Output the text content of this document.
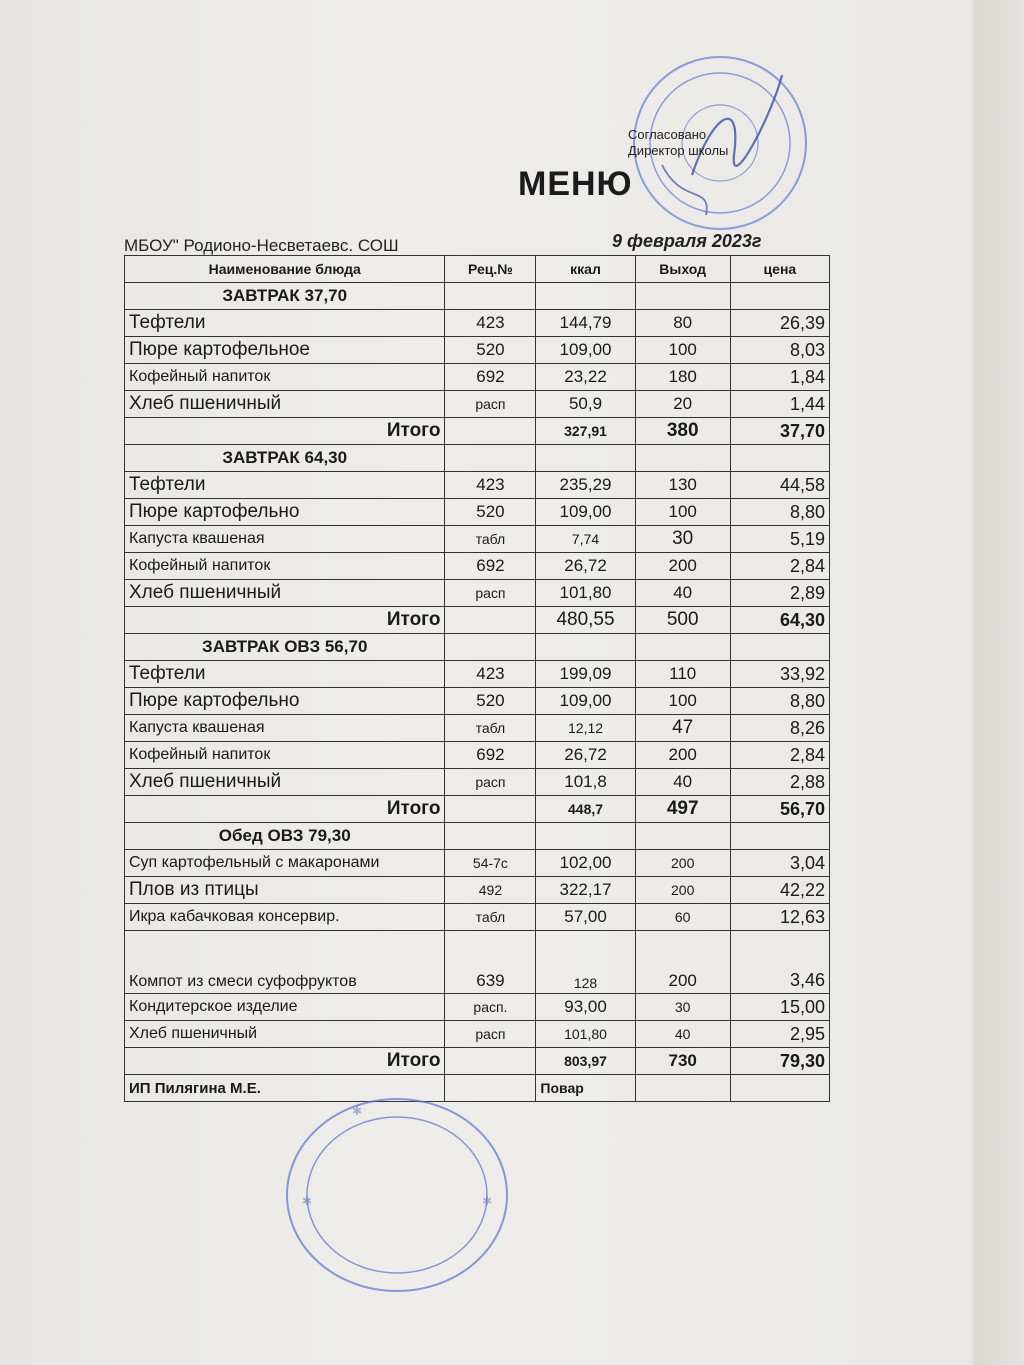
Согласовано
Директор школы
МЕНЮ
МБОУ" Родионо-Несветаевс. СОШ	9 февраля 2023г
Наименование блюда	Рец.№	ккал	Выход	цена
ЗАВТРАК 37,70				
Тефтели	423	144,79	80	26,39
Пюре картофельное	520	109,00	100	8,03
Кофейный напиток	692	23,22	180	1,84
Хлеб пшеничный	расп	50,9	20	1,44
Итого		327,91	380	37,70
ЗАВТРАК 64,30				
Тефтели	423	235,29	130	44,58
Пюре картофельно	520	109,00	100	8,80
Капуста квашеная	табл	7,74	30	5,19
Кофейный напиток	692	26,72	200	2,84
Хлеб пшеничный	расп	101,80	40	2,89
Итого		480,55	500	64,30
ЗАВТРАК ОВЗ 56,70				
Тефтели	423	199,09	110	33,92
Пюре картофельно	520	109,00	100	8,80
Капуста квашеная	табл	12,12	47	8,26
Кофейный напиток	692	26,72	200	2,84
Хлеб пшеничный	расп	101,8	40	2,88
Итого		448,7	497	56,70
Обед ОВЗ 79,30				
Суп картофельный с макаронами	54-7с	102,00	200	3,04
Плов из птицы	492	322,17	200	42,22
Икра кабачковая консервир.	табл	57,00	60	12,63
Компот из смеси суфофруктов	639	128	200	3,46
Кондитерское изделие	расп.	93,00	30	15,00
Хлеб пшеничный	расп	101,80	40	2,95
Итого		803,97	730	79,30
ИП Пилягина М.Е.		Повар		
✱
✱	✱
